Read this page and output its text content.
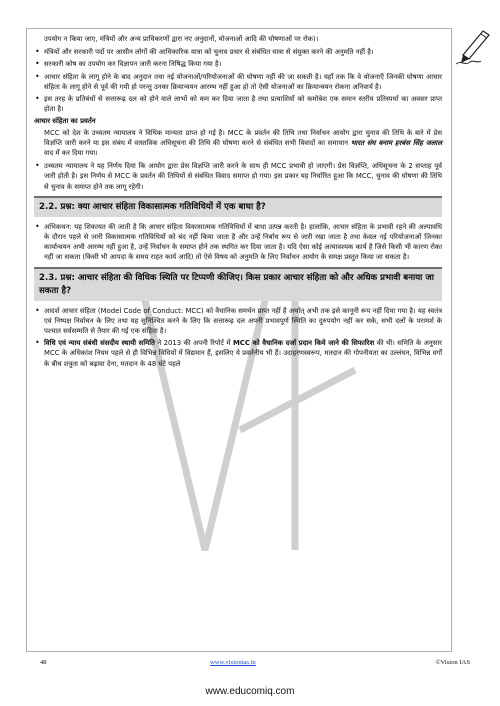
उपयोग न किया जाए, मंत्रियों और अन्य प्राधिकरणों द्वारा नए अनुदानों, योजनाओं आदि की घोषणाओं पर रोक)।

• मंत्रियों और सरकारी पदों पर आसीन लोगों की आधिकारिक यात्रा को चुनाव प्रचार से संबंधित यात्रा से संयुक्त करने की अनुमति नहीं है।
• सरकारी कोष का उपयोग कर विज्ञापन जारी करना निषिद्ध किया गया है।
• आचार संहिता के लागू होने के बाद अनुदान तथा नई योजनाओं/परियोजनाओं की घोषणा नहीं की जा सकती है। यहाँ तक कि वे योजनाएँ जिनकी घोषणा आचार संहिता के लागू होने से पूर्व की गयी हो परन्तु उनका क्रियान्वयन आरम्भ नहीं हुआ हो तो ऐसी योजनाओं का क्रियान्वयन रोकना अनिवार्य है।
• इस तरह के प्रतिबंधों से सत्तारूढ़ दल को होने वाले लाभों को कम कर दिया जाता है तथा प्रत्याशियों को कमोबेश एक समान स्तरीय प्रतिस्पर्धा का अवसर प्राप्त होता है।
आचार संहिता का प्रवर्तन

MCC को देश के उच्चतम न्यायालय ने विधिक मान्यता प्राप्त हो गई है। MCC के प्रवर्तन की तिथि तथा निर्वाचन आयोग द्वारा चुनाव की तिथि के बारे में प्रेस विज्ञप्ति जारी करने या इस संबंध में वास्तविक अधिसूचना की तिथि की घोषणा करने से संबंधित सभी विवादों का समाधान भारत संघ बनाम हरबंस सिंह जलाल वाद में कर दिया गया।

• उच्चतम न्यायालय ने यह निर्णय दिया कि आयोग द्वारा प्रेस विज्ञप्ति जारी करने के साथ ही MCC प्रभावी हो जाएगी। प्रेस विज्ञप्ति, अधिसूचना के 2 सप्ताह पूर्व जारी होती है। इस निर्णय से MCC के प्रवर्तन की तिथियों से संबंधित विवाद समाप्त हो गया। इस प्रकार यह निर्धारित हुआ कि MCC, चुनाव की घोषणा की तिथि से चुनाव के समाप्त होने तक लागू रहेगी।
2.2. प्रश्न: क्या आचार संहिता विकासात्मक गतिविधियों में एक बाधा है?
• अभिकथन: यह शिकायत की जाती है कि आचार संहिता विकासात्मक गतिविधियों में बाधा उत्पन्न करती है। हालांकि, आचार संहिता के प्रभावी रहने की अल्पावधि के दौरान पहले से जारी विकासात्मक गतिविधियों को बंद नहीं किया जाता है और उन्हें निर्बाध रूप से जारी रखा जाता है तथा केवल नई परियोजनाओं जिनका कार्यान्वयन अभी आरम्भ नहीं हुआ है, उन्हें निर्वाचन के समाप्त होने तक स्थगित कर दिया जाता है। यदि ऐसा कोई अत्यावश्यक कार्य है जिसे किसी भी कारण रोका नहीं जा सकता (किसी भी आपदा के समय राहत कार्य आदि) तो ऐसे विषय को अनुमति के लिए निर्वाचन आयोग के समक्ष प्रस्तुत किया जा सकता है।
2.3. प्रश्न: आचार संहिता की विधिक स्थिति पर टिप्पणी कीजिए। किस प्रकार आचार संहिता को और अधिक प्रभावी बनाया जा सकता है?
• आदर्श आचार संहिता (Model Code of Conduct: MCC) को वैधानिक समर्थन प्राप्त नहीं है अर्थात् अभी तक इसे कानूनी रूप नहीं दिया गया है। यह स्वतंत्र एवं निष्पक्ष निर्वाचन के लिए तथा यह सुनिश्चित करने के लिए कि सत्तारूढ़ दल अपनी प्रभावपूर्ण स्थिति का दुरुपयोग नहीं कर सके, सभी दलों के परामर्श के पश्चात सर्वसम्मति से तैयार की गई एक संहिता है।
• विधि एवं न्याय संबंधी संसदीय स्थायी समिति ने 2013 की अपनी रिपोर्ट में MCC को वैधानिक दर्जा प्रदान किये जाने की सिफारिश की थी। समिति के अनुसार MCC के अधिकांश नियम पहले से ही विभिन्न विधियों में विद्यमान हैं, इसलिए ये प्रवर्तनीय भी हैं। उदाहरणस्वरूप, मतदान की गोपनीयता का उल्लंघन, विभिन्न वर्गों के बीच शत्रुता को बढ़ावा देना, मतदान के 48 घंटे पहले
48	www.visionias.in	©Vision IAS
www.educomiq.com
